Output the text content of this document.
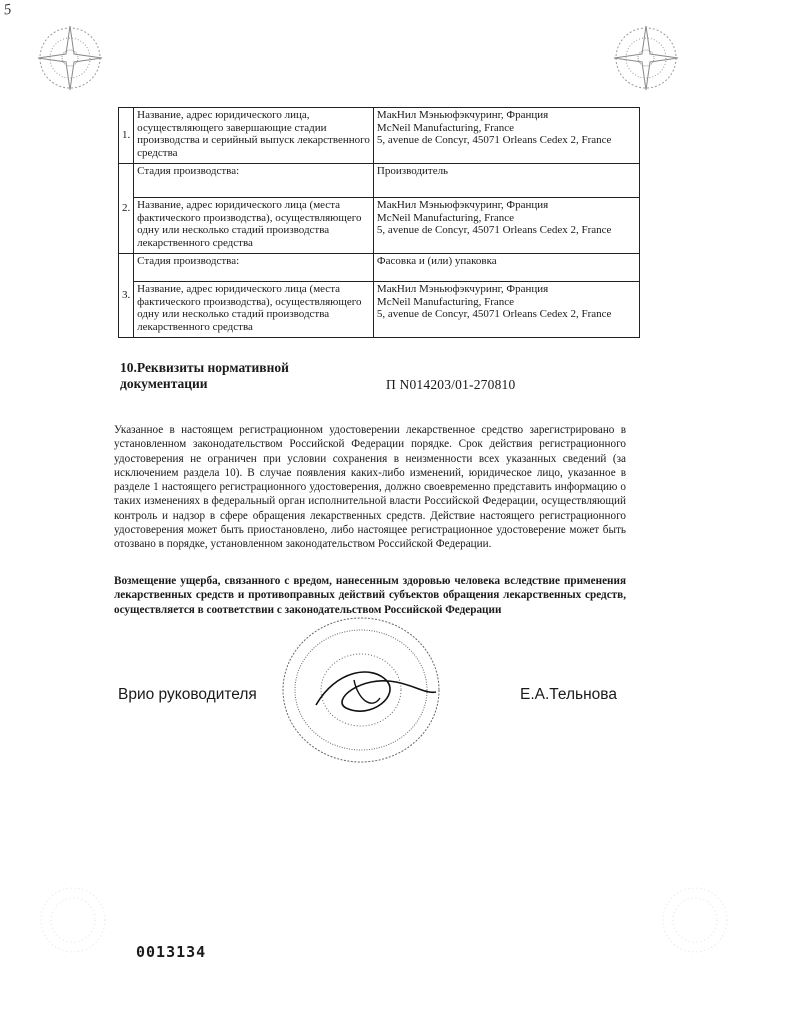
5
1.	Название, адрес юридического лица, осуществляющего завершающие стадии производства и серийный выпуск лекарственного средства	МакНил Мэньюфэкчуринг, Франция
McNeil Manufacturing, France
5, avenue de Concyr, 45071 Orleans Cedex 2, France

2.	Стадия производства:	Производитель
	Название, адрес юридического лица (места фактического производства), осуществляющего одну или несколько стадий производства лекарственного средства	МакНил Мэньюфэкчуринг, Франция
McNeil Manufacturing, France
5, avenue de Concyr, 45071 Orleans Cedex 2, France

3.	Стадия производства:	Фасовка и (или) упаковка
	Название, адрес юридического лица (места фактического производства), осуществляющего одну или несколько стадий производства лекарственного средства	МакНил Мэньюфэкчуринг, Франция
McNeil Manufacturing, France
5, avenue de Concyr, 45071 Orleans Cedex 2, France
10.Реквизиты нормативной документации	П N014203/01-270810
Указанное в настоящем регистрационном удостоверении лекарственное средство зарегистрировано в установленном законодательством Российской Федерации порядке. Срок действия регистрационного удостоверения не ограничен при условии сохранения в неизменности всех указанных сведений (за исключением раздела 10). В случае появления каких-либо изменений, юридическое лицо, указанное в разделе 1 настоящего регистрационного удостоверения, должно своевременно представить информацию о таких изменениях в федеральный орган исполнительной власти Российской Федерации, осуществляющий контроль и надзор в сфере обращения лекарственных средств. Действие настоящего регистрационного удостоверения может быть приостановлено, либо настоящее регистрационное удостоверение может быть отозвано в порядке, установленном законодательством Российской Федерации.
Возмещение ущерба, связанного с вредом, нанесенным здоровью человека вследствие применения лекарственных средств и противоправных действий субъектов обращения лекарственных средств, осуществляется в соответствии с законодательством Российской Федерации
Врио руководителя	Е.А.Тельнова
0013134
